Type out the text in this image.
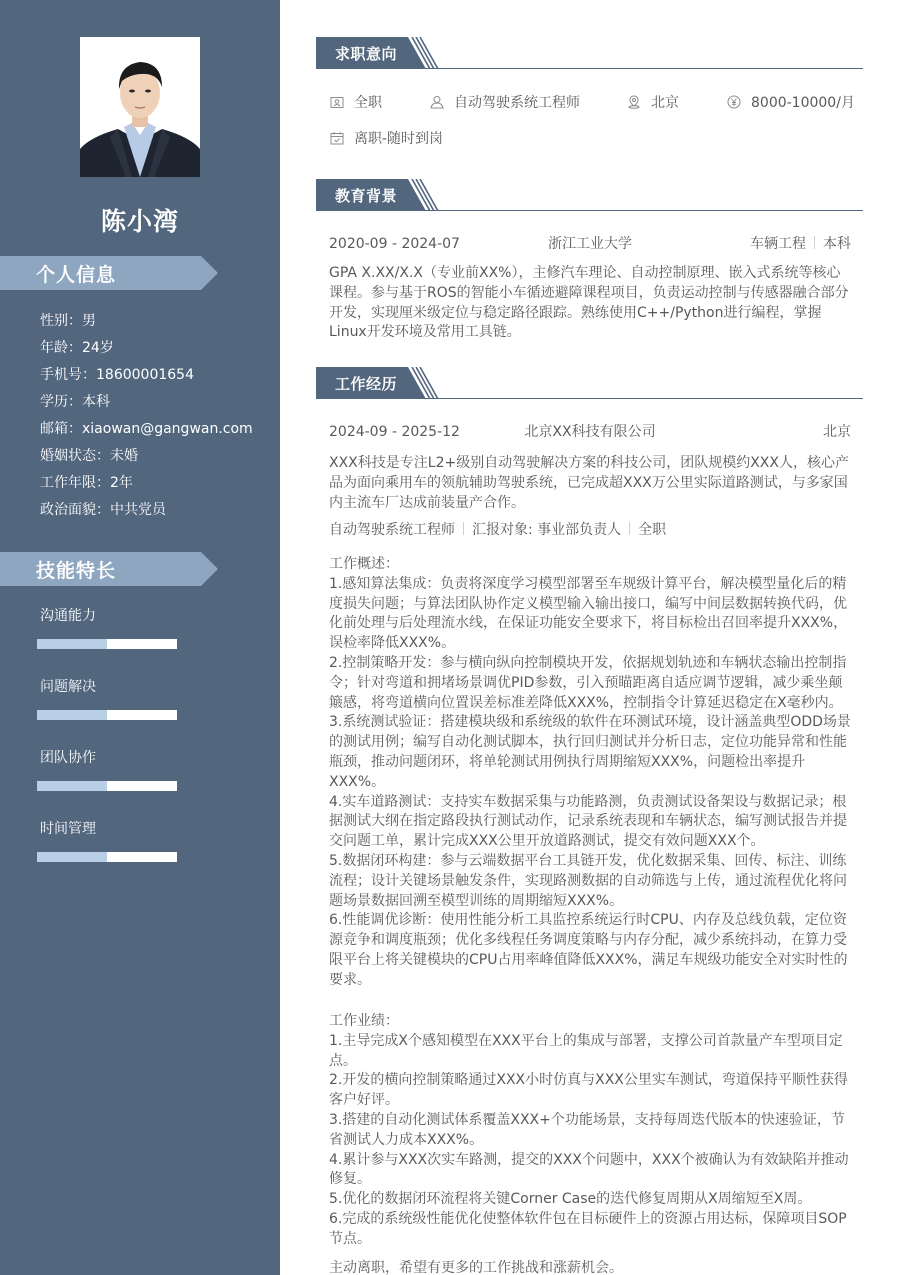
陈小湾
个人信息
性别：男
年龄：24岁
手机号：18600001654
学历：本科
邮箱：xiaowan@gangwan.com
婚姻状态：未婚
工作年限：2年
政治面貌：中共党员
技能特长
沟通能力
问题解决
团队协作
时间管理
求职意向
全职	自动驾驶系统工程师	北京	8000-10000/月
离职-随时到岗
教育背景
2020-09 - 2024-07	浙江工业大学	车辆工程 本科
GPA X.XX/X.X（专业前XX%），主修汽车理论、自动控制原理、嵌入式系统等核心课程。参与基于ROS的智能小车循迹避障课程项目，负责运动控制与传感器融合部分开发，实现厘米级定位与稳定路径跟踪。熟练使用C++/Python进行编程，掌握Linux开发环境及常用工具链。
工作经历
2024-09 - 2025-12	北京XX科技有限公司	北京
XXX科技是专注L2+级别自动驾驶解决方案的科技公司，团队规模约XXX人，核心产品为面向乘用车的领航辅助驾驶系统，已完成超XXX万公里实际道路测试，与多家国内主流车厂达成前装量产合作。
自动驾驶系统工程师 汇报对象: 事业部负责人 全职

工作概述：

1.感知算法集成：负责将深度学习模型部署至车规级计算平台，解决模型量化后的精度损失问题；与算法团队协作定义模型输入输出接口，编写中间层数据转换代码，优化前处理与后处理流水线，在保证功能安全要求下，将目标检出召回率提升XXX%，误检率降低XXX%。

2.控制策略开发：参与横向纵向控制模块开发，依据规划轨迹和车辆状态输出控制指令；针对弯道和拥堵场景调优PID参数，引入预瞄距离自适应调节逻辑，减少乘坐颠簸感，将弯道横向位置误差标准差降低XXX%，控制指令计算延迟稳定在X毫秒内。

3.系统测试验证：搭建模块级和系统级的软件在环测试环境，设计涵盖典型ODD场景的测试用例；编写自动化测试脚本，执行回归测试并分析日志，定位功能异常和性能瓶颈，推动问题闭环，将单轮测试用例执行周期缩短XXX%，问题检出率提升XXX%。

4.实车道路测试：支持实车数据采集与功能路测，负责测试设备架设与数据记录；根据测试大纲在指定路段执行测试动作，记录系统表现和车辆状态，编写测试报告并提交问题工单，累计完成XXX公里开放道路测试，提交有效问题XXX个。

5.数据闭环构建：参与云端数据平台工具链开发，优化数据采集、回传、标注、训练流程；设计关键场景触发条件，实现路测数据的自动筛选与上传，通过流程优化将问题场景数据回溯至模型训练的周期缩短XXX%。

6.性能调优诊断：使用性能分析工具监控系统运行时CPU、内存及总线负载，定位资源竞争和调度瓶颈；优化多线程任务调度策略与内存分配，减少系统抖动，在算力受限平台上将关键模块的CPU占用率峰值降低XXX%，满足车规级功能安全对实时性的要求。

工作业绩：

1.主导完成X个感知模型在XXX平台上的集成与部署，支撑公司首款量产车型项目定点。

2.开发的横向控制策略通过XXX小时仿真与XXX公里实车测试，弯道保持平顺性获得客户好评。

3.搭建的自动化测试体系覆盖XXX+个功能场景，支持每周迭代版本的快速验证，节省测试人力成本XXX%。

4.累计参与XXX次实车路测，提交的XXX个问题中，XXX个被确认为有效缺陷并推动修复。

5.优化的数据闭环流程将关键Corner Case的迭代修复周期从X周缩短至X周。

6.完成的系统级性能优化使整体软件包在目标硬件上的资源占用达标，保障项目SOP节点。

主动离职，希望有更多的工作挑战和涨薪机会。
